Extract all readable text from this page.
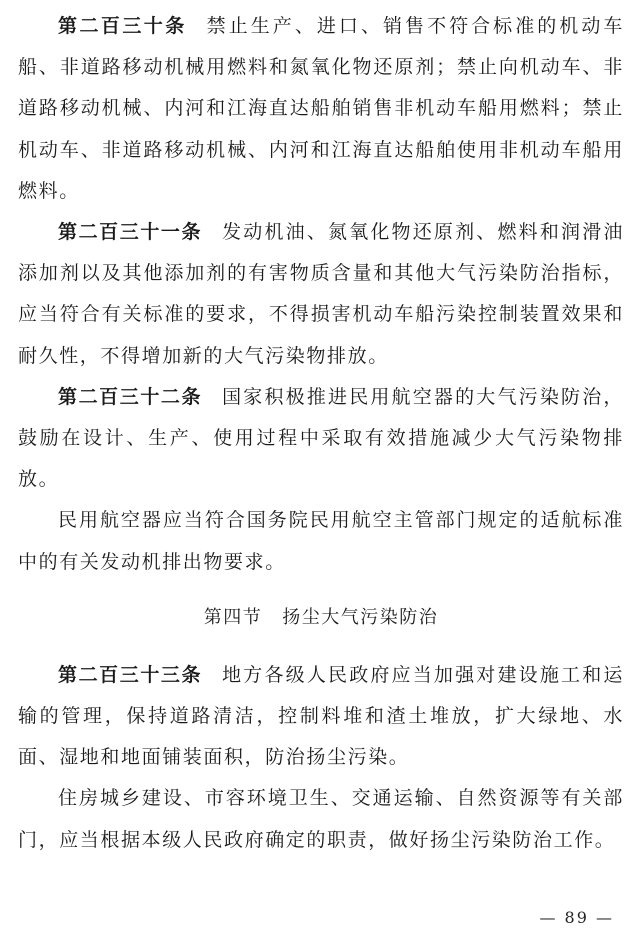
第二百三十条 禁止生产、进口、销售不符合标准的机动车船、非道路移动机械用燃料和氮氧化物还原剂；禁止向机动车、非道路移动机械、内河和江海直达船舶销售非机动车船用燃料；禁止机动车、非道路移动机械、内河和江海直达船舶使用非机动车船用燃料。

第二百三十一条 发动机油、氮氧化物还原剂、燃料和润滑油添加剂以及其他添加剂的有害物质含量和其他大气污染防治指标，应当符合有关标准的要求，不得损害机动车船污染控制装置效果和耐久性，不得增加新的大气污染物排放。

第二百三十二条 国家积极推进民用航空器的大气污染防治，鼓励在设计、生产、使用过程中采取有效措施减少大气污染物排放。

民用航空器应当符合国务院民用航空主管部门规定的适航标准中的有关发动机排出物要求。

第四节 扬尘大气污染防治

第二百三十三条 地方各级人民政府应当加强对建设施工和运输的管理，保持道路清洁，控制料堆和渣土堆放，扩大绿地、水面、湿地和地面铺装面积，防治扬尘污染。

住房城乡建设、市容环境卫生、交通运输、自然资源等有关部门，应当根据本级人民政府确定的职责，做好扬尘污染防治工作。

— 89 —
